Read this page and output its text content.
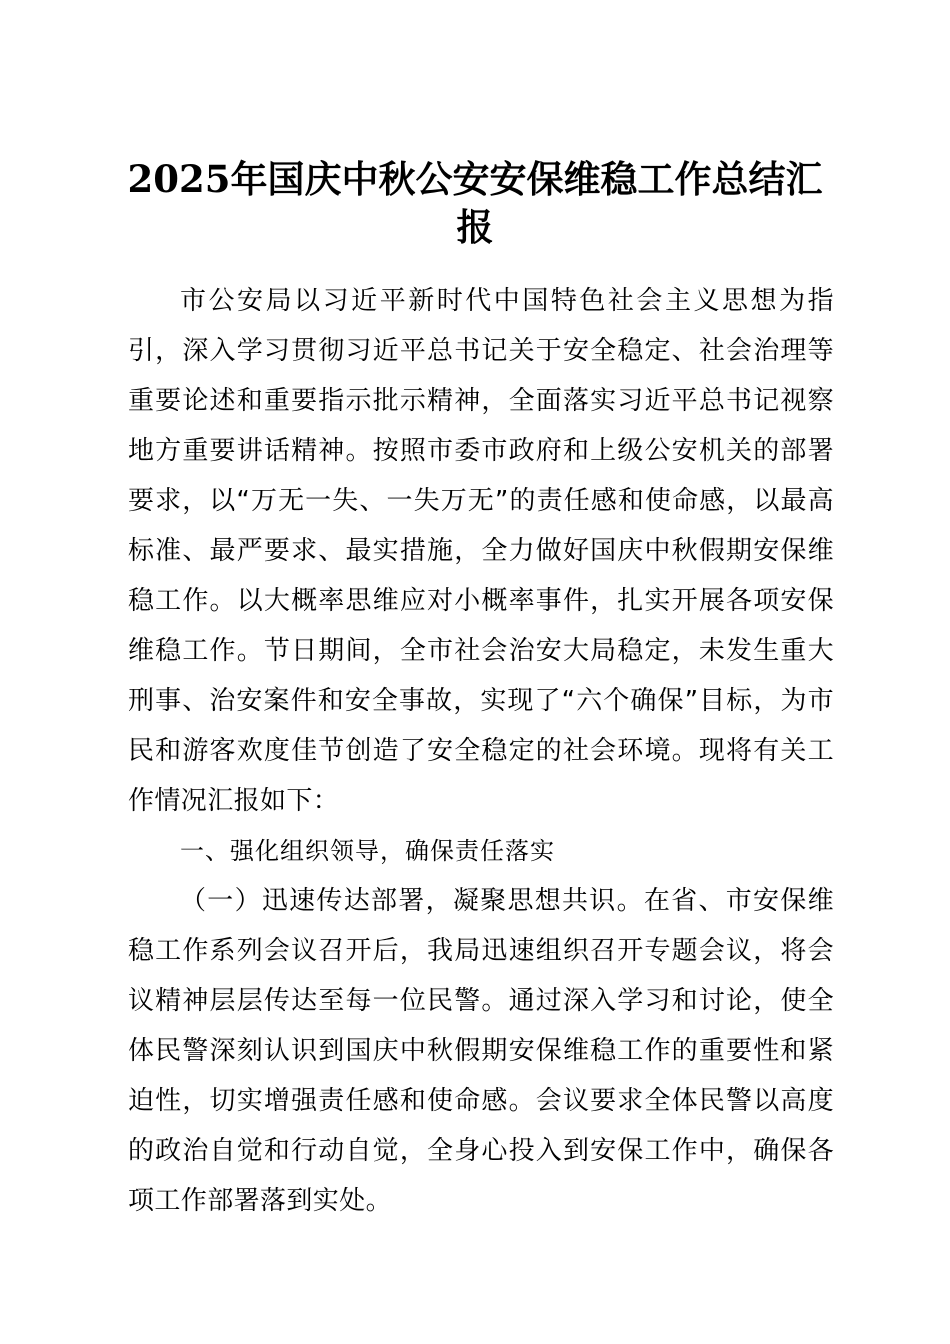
2025年国庆中秋公安安保维稳工作总结汇报

市公安局以习近平新时代中国特色社会主义思想为指引，深入学习贯彻习近平总书记关于安全稳定、社会治理等重要论述和重要指示批示精神，全面落实习近平总书记视察地方重要讲话精神。按照市委市政府和上级公安机关的部署要求，以“万无一失、一失万无”的责任感和使命感，以最高标准、最严要求、最实措施，全力做好国庆中秋假期安保维稳工作。以大概率思维应对小概率事件，扎实开展各项安保维稳工作。节日期间，全市社会治安大局稳定，未发生重大刑事、治安案件和安全事故，实现了“六个确保”目标，为市民和游客欢度佳节创造了安全稳定的社会环境。现将有关工作情况汇报如下：

一、强化组织领导，确保责任落实

（一）迅速传达部署，凝聚思想共识。在省、市安保维稳工作系列会议召开后，我局迅速组织召开专题会议，将会议精神层层传达至每一位民警。通过深入学习和讨论，使全体民警深刻认识到国庆中秋假期安保维稳工作的重要性和紧迫性，切实增强责任感和使命感。会议要求全体民警以高度的政治自觉和行动自觉，全身心投入到安保工作中，确保各项工作部署落到实处。
